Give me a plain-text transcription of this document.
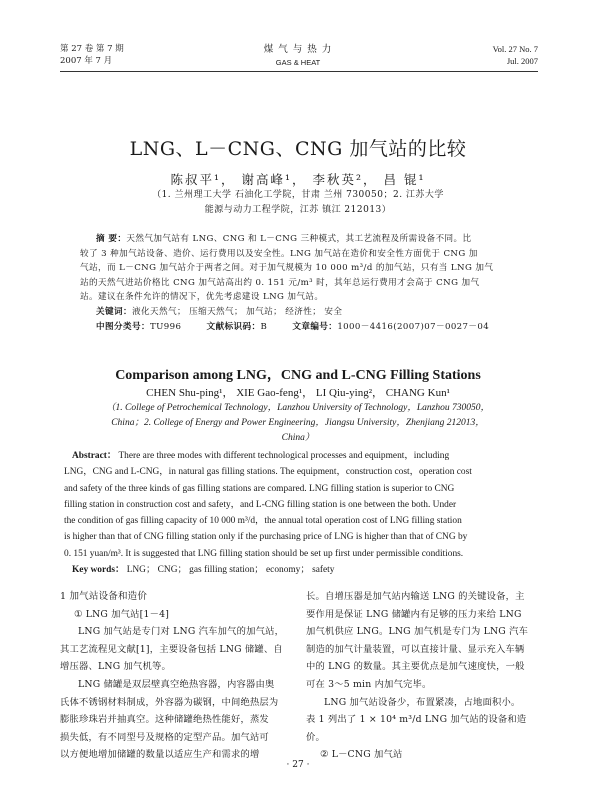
第 27 卷 第 7 期
2007 年 7 月
煤 气 与 热 力
GAS & HEAT
Vol. 27 No. 7
Jul. 2007
LNG、L－CNG、CNG 加气站的比较
陈叔平¹， 谢高峰¹， 李秋英²， 昌 锟¹
（1. 兰州理工大学 石油化工学院，甘肃 兰州 730050；2. 江苏大学
能源与动力工程学院，江苏 镇江 212013）
摘 要：天然气加气站有 LNG、CNG 和 L－CNG 三种模式，其工艺流程及所需设备不同。比
较了 3 种加气站设备、造价、运行费用以及安全性。LNG 加气站在造价和安全性方面优于 CNG 加
气站，而 L－CNG 加气站介于两者之间。对于加气规模为 10 000 m³/d 的加气站，只有当 LNG 加气
站的天然气进站价格比 CNG 加气站高出约 0. 151 元/m³ 时，其年总运行费用才会高于 CNG 加气
站。建议在条件允许的情况下，优先考虑建设 LNG 加气站。
关键词：液化天然气； 压缩天然气； 加气站； 经济性； 安全
中图分类号：TU996	文献标识码：B	文章编号：1000－4416(2007)07－0027－04
Comparison among LNG，CNG and L-CNG Filling Stations
CHEN Shu-ping¹， XIE Gao-feng¹， LI Qiu-ying²， CHANG Kun¹
（1. College of Petrochemical Technology，Lanzhou University of Technology，Lanzhou 730050，
China；2. College of Energy and Power Engineering，Jiangsu University，Zhenjiang 212013，
China）
Abstract： There are three modes with different technological processes and equipment，including
LNG，CNG and L-CNG，in natural gas filling stations. The equipment，construction cost，operation cost
and safety of the three kinds of gas filling stations are compared. LNG filling station is superior to CNG
filling station in construction cost and safety，and L-CNG filling station is one between the both. Under
the condition of gas filling capacity of 10 000 m³/d，the annual total operation cost of LNG filling station
is higher than that of CNG filling station only if the purchasing price of LNG is higher than that of CNG by
0. 151 yuan/m³. It is suggested that LNG filling station should be set up first under permissible conditions.
Key words： LNG； CNG； gas filling station； economy； safety
1 加气站设备和造价
① LNG 加气站[1－4]
LNG 加气站是专门对 LNG 汽车加气的加气站，
其工艺流程见文献[1]，主要设备包括 LNG 储罐、自
增压器、LNG 加气机等。
LNG 储罐是双层壁真空绝热容器，内容器由奥
氏体不锈钢材料制成，外容器为碳钢，中间绝热层为
膨胀珍珠岩并抽真空。这种储罐绝热性能好，蒸发
损失低，有不同型号及规格的定型产品。加气站可
以方便地增加储罐的数量以适应生产和需求的增
长。自增压器是加气站内输送 LNG 的关键设备，主
要作用是保证 LNG 储罐内有足够的压力来给 LNG
加气机供应 LNG。LNG 加气机是专门为 LNG 汽车
制造的加气计量装置，可以直接计量、显示充入车辆
中的 LNG 的数量。其主要优点是加气速度快，一般
可在 3～5 min 内加气完毕。
LNG 加气站设备少，布置紧凑，占地面积小。
表 1 列出了 1 × 10⁴ m³/d LNG 加气站的设备和造
价。
② L－CNG 加气站
· 27 ·
